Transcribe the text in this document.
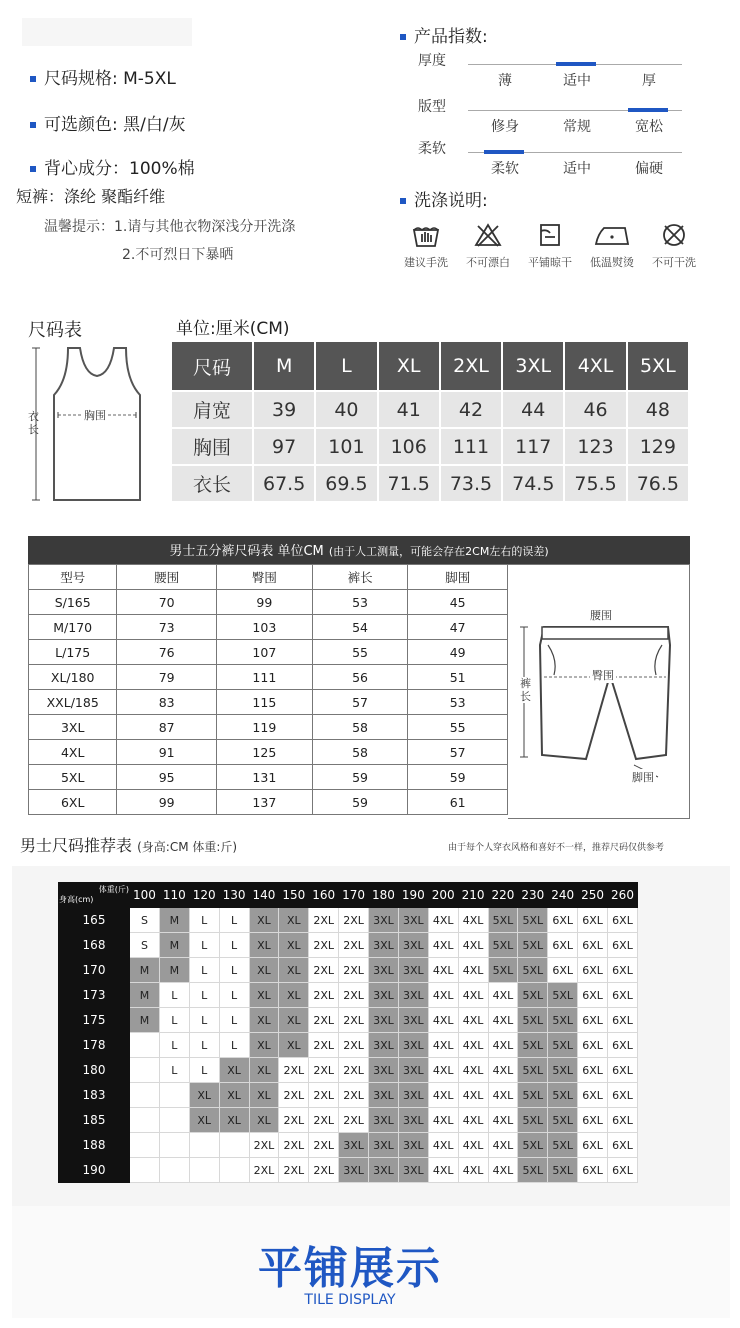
尺码规格: M-5XL
可选颜色: 黑/白/灰
背心成分：100%棉
短裤：涤纶 聚酯纤维
温馨提示：1.请与其他衣物深浅分开洗涤
2.不可烈日下暴晒
产品指数:
厚度
薄	适中	厚
版型
修身	常规	宽松
柔软
柔软	适中	偏硬
洗涤说明:
建议手洗	不可漂白	平铺晾干	低温熨烫	不可干洗
尺码表	单位:厘米(CM)
衣长
胸围
尺码	M	L	XL	2XL	3XL	4XL	5XL
肩宽	39	40	41	42	44	46	48
胸围	97	101	106	111	117	123	129
衣长	67.5	69.5	71.5	73.5	74.5	75.5	76.5
男士五分裤尺码表 单位CM (由于人工测量，可能会存在2CM左右的误差)
型号	腰围	臀围	裤长	脚围
S/165	70	99	53	45
M/170	73	103	54	47
L/175	76	107	55	49
XL/180	79	111	56	51
XXL/185	83	115	57	53
3XL	87	119	58	55
4XL	91	125	58	57
5XL	95	131	59	59
6XL	99	137	59	61
腰围
臀围
裤长
脚围
男士尺码推荐表 (身高:CM 体重:斤)	由于每个人穿衣风格和喜好不一样，推荐尺码仅供参考
体重(斤)
身高(cm)	100	110	120	130	140	150	160	170	180	190	200	210	220	230	240	250	260
165	S	M	L	L	XL	XL	2XL	2XL	3XL	3XL	4XL	4XL	5XL	5XL	6XL	6XL	6XL
168	S	M	L	L	XL	XL	2XL	2XL	3XL	3XL	4XL	4XL	5XL	5XL	6XL	6XL	6XL
170	M	M	L	L	XL	XL	2XL	2XL	3XL	3XL	4XL	4XL	5XL	5XL	6XL	6XL	6XL
173	M	L	L	L	XL	XL	2XL	2XL	3XL	3XL	4XL	4XL	4XL	5XL	5XL	6XL	6XL
175	M	L	L	L	XL	XL	2XL	2XL	3XL	3XL	4XL	4XL	4XL	5XL	5XL	6XL	6XL
178		L	L	L	XL	XL	2XL	2XL	3XL	3XL	4XL	4XL	4XL	5XL	5XL	6XL	6XL
180		L	L	XL	XL	2XL	2XL	2XL	3XL	3XL	4XL	4XL	4XL	5XL	5XL	6XL	6XL
183			XL	XL	XL	2XL	2XL	2XL	3XL	3XL	4XL	4XL	4XL	5XL	5XL	6XL	6XL
185			XL	XL	XL	2XL	2XL	2XL	3XL	3XL	4XL	4XL	4XL	5XL	5XL	6XL	6XL
188					2XL	2XL	2XL	3XL	3XL	3XL	4XL	4XL	4XL	5XL	5XL	6XL	6XL
190					2XL	2XL	2XL	3XL	3XL	3XL	4XL	4XL	4XL	5XL	5XL	6XL	6XL
平铺展示
TILE DISPLAY
